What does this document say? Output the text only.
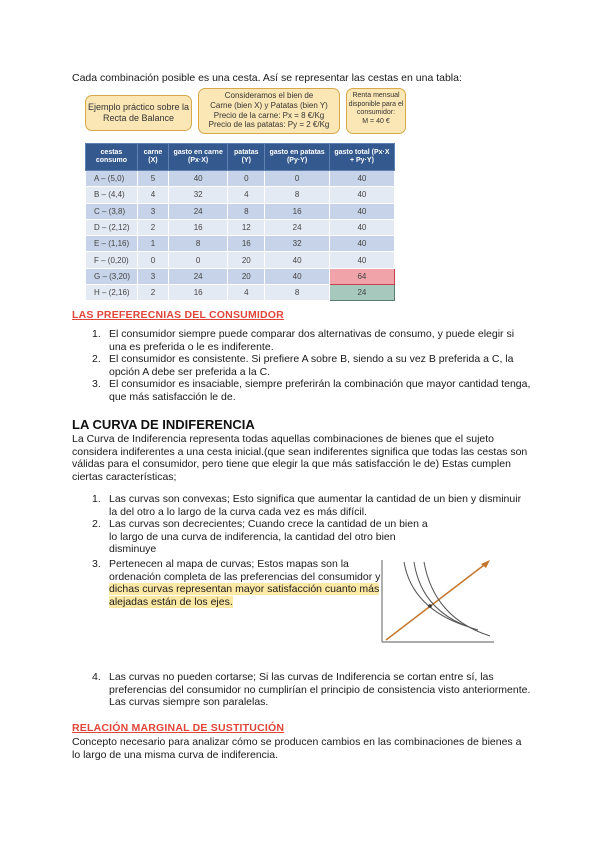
Cada combinación posible es una cesta. Así se representar las cestas en una tabla:
Ejemplo práctico sobre la Recta de Balance
Consideramos el bien de
Carne (bien X) y Patatas (bien Y)
Precio de la carne: Px = 8 €/Kg
Precio de las patatas: Py = 2 €/Kg
Renta mensual
disponible para el
consumidor:
M = 40 €
cestas consumo	carne (X)	gasto en carne (Px·X)	patatas (Y)	gasto en patatas (Py·Y)	gasto total (Px·X + Py·Y)
A – (5,0)	5	40	0	0	40
B – (4,4)	4	32	4	8	40
C – (3,8)	3	24	8	16	40
D – (2,12)	2	16	12	24	40
E – (1,16)	1	8	16	32	40
F – (0,20)	0	0	20	40	40
G – (3,20)	3	24	20	40	64
H – (2,16)	2	16	4	8	24
LAS PREFERECNIAS DEL CONSUMIDOR
1. El consumidor siempre puede comparar dos alternativas de consumo, y puede elegir si una es preferida o le es indiferente.
2. El consumidor es consistente. Si prefiere A sobre B, siendo a su vez B preferida a C, la opción A debe ser preferida a la C.
3. El consumidor es insaciable, siempre preferirán la combinación que mayor cantidad tenga, que más satisfacción le de.
LA CURVA DE INDIFERENCIA
La Curva de Indiferencia representa todas aquellas combinaciones de bienes que el sujeto considera indiferentes a una cesta inicial.(que sean indiferentes significa que todas las cestas son válidas para el consumidor, pero tiene que elegir la que más satisfacción le de) Estas cumplen ciertas características;
1. Las curvas son convexas; Esto significa que aumentar la cantidad de un bien y disminuir la del otro a lo largo de la curva cada vez es más difícil.
2. Las curvas son decrecientes; Cuando crece la cantidad de un bien a lo largo de una curva de indiferencia, la cantidad del otro bien disminuye
3. Pertenecen al mapa de curvas; Estos mapas son la ordenación completa de las preferencias del consumidor y dichas curvas representan mayor satisfacción cuanto más alejadas están de los ejes.
4. Las curvas no pueden cortarse; Si las curvas de Indiferencia se cortan entre sí, las preferencias del consumidor no cumplirían el principio de consistencia visto anteriormente. Las curvas siempre son paralelas.
RELACIÓN MARGINAL DE SUSTITUCIÓN
Concepto necesario para analizar cómo se producen cambios en las combinaciones de bienes a lo largo de una misma curva de indiferencia.
